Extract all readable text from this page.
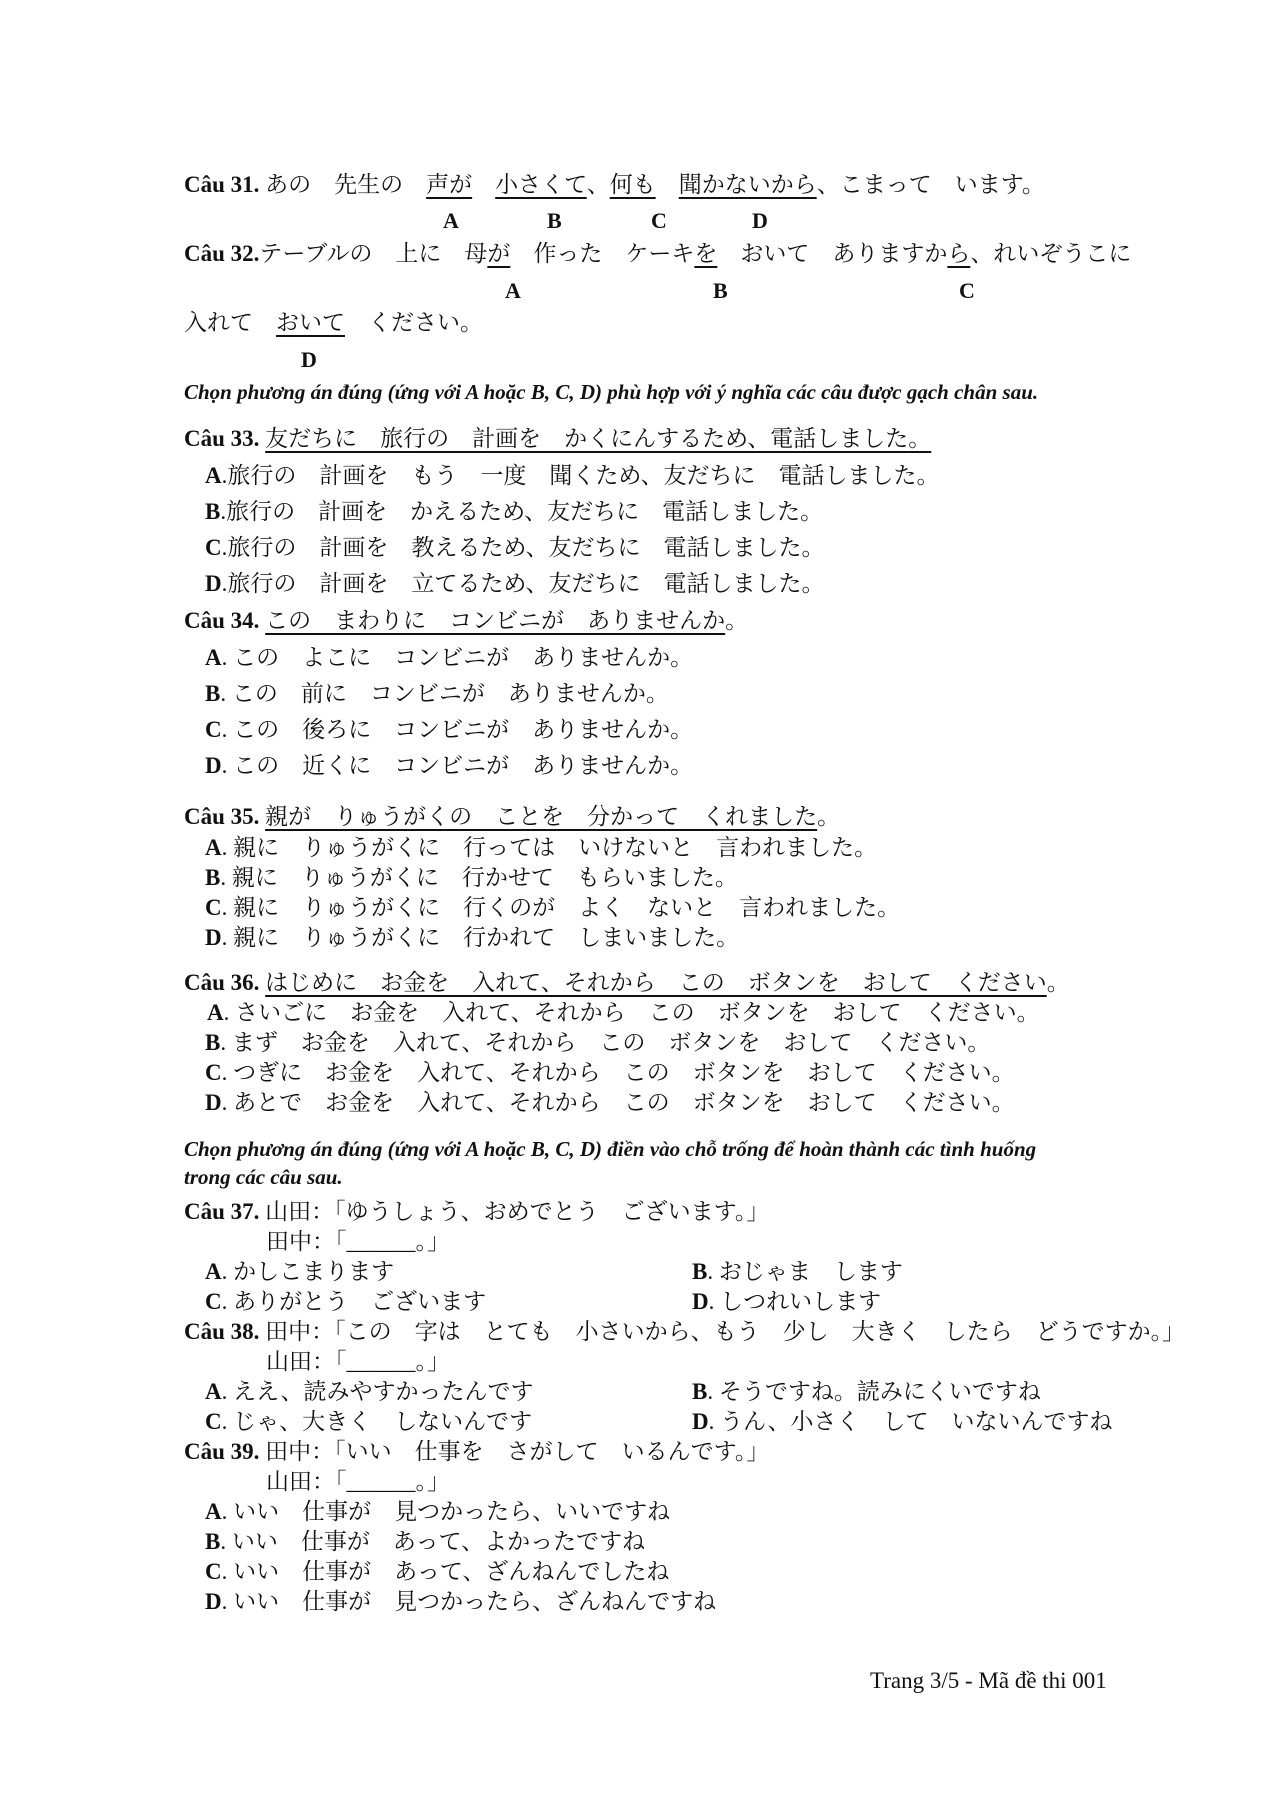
Câu 31. あの　先生の　声が　 小さくて、何も　 聞かないから、こまって　います。
A	B	C	D
Câu 32.テーブルの　上に　母が　作った　ケーキを　おいて　ありますから、れいぞうこに
A	B	C
入れて　おいて　ください。
D
Chọn phương án đúng (ứng với A hoặc B, C, D) phù hợp với ý nghĩa các câu được gạch chân sau.
Câu 33. 友だちに　旅行の　計画を　かくにんするため、電話しました。
A.旅行の　計画を　もう　一度　聞くため、友だちに　電話しました。
B.旅行の　計画を　かえるため、友だちに　電話しました。
C.旅行の　計画を　教えるため、友だちに　電話しました。
D.旅行の　計画を　立てるため、友だちに　電話しました。
Câu 34. この　まわりに　コンビニが　ありませんか。
A. この　よこに　コンビニが　ありませんか。
B. この　前に　コンビニが　ありませんか。
C. この　後ろに　コンビニが　ありませんか。
D. この　近くに　コンビニが　ありませんか。
Câu 35. 親が　りゅうがくの　ことを　分かって　くれました。
A. 親に　りゅうがくに　行っては　いけないと　言われました。
B. 親に　りゅうがくに　行かせて　もらいました。
C. 親に　りゅうがくに　行くのが　よく　ないと　言われました。
D. 親に　りゅうがくに　行かれて　しまいました。
Câu 36. はじめに　お金を　入れて、それから　この　ボタンを　おして　ください。
A. さいごに　お金を　入れて、それから　この　ボタンを　おして　ください。
B. まず　お金を　入れて、それから　この　ボタンを　おして　ください。
C. つぎに　お金を　入れて、それから　この　ボタンを　おして　ください。
D. あとで　お金を　入れて、それから　この　ボタンを　おして　ください。
Chọn phương án đúng (ứng với A hoặc B, C, D) điền vào chỗ trống để hoàn thành các tình huống
trong các câu sau.
Câu 37. 山田：「ゆうしょう、おめでとう　ございます。」
田中：「______。」
A. かしこまります	B. おじゃま　します
C. ありがとう　ございます	D. しつれいします
Câu 38. 田中：「この　字は　とても　小さいから、もう　少し　大きく　したら　どうですか。」
山田：「______。」
A. ええ、読みやすかったんです	B. そうですね。読みにくいですね
C. じゃ、大きく　しないんです	D. うん、小さく　して　いないんですね
Câu 39. 田中：「いい　仕事を　さがして　いるんです。」
山田：「______。」
A. いい　仕事が　見つかったら、いいですね
B. いい　仕事が　あって、よかったですね
C. いい　仕事が　あって、ざんねんでしたね
D. いい　仕事が　見つかったら、ざんねんですね
Trang 3/5 - Mã đề thi 001
